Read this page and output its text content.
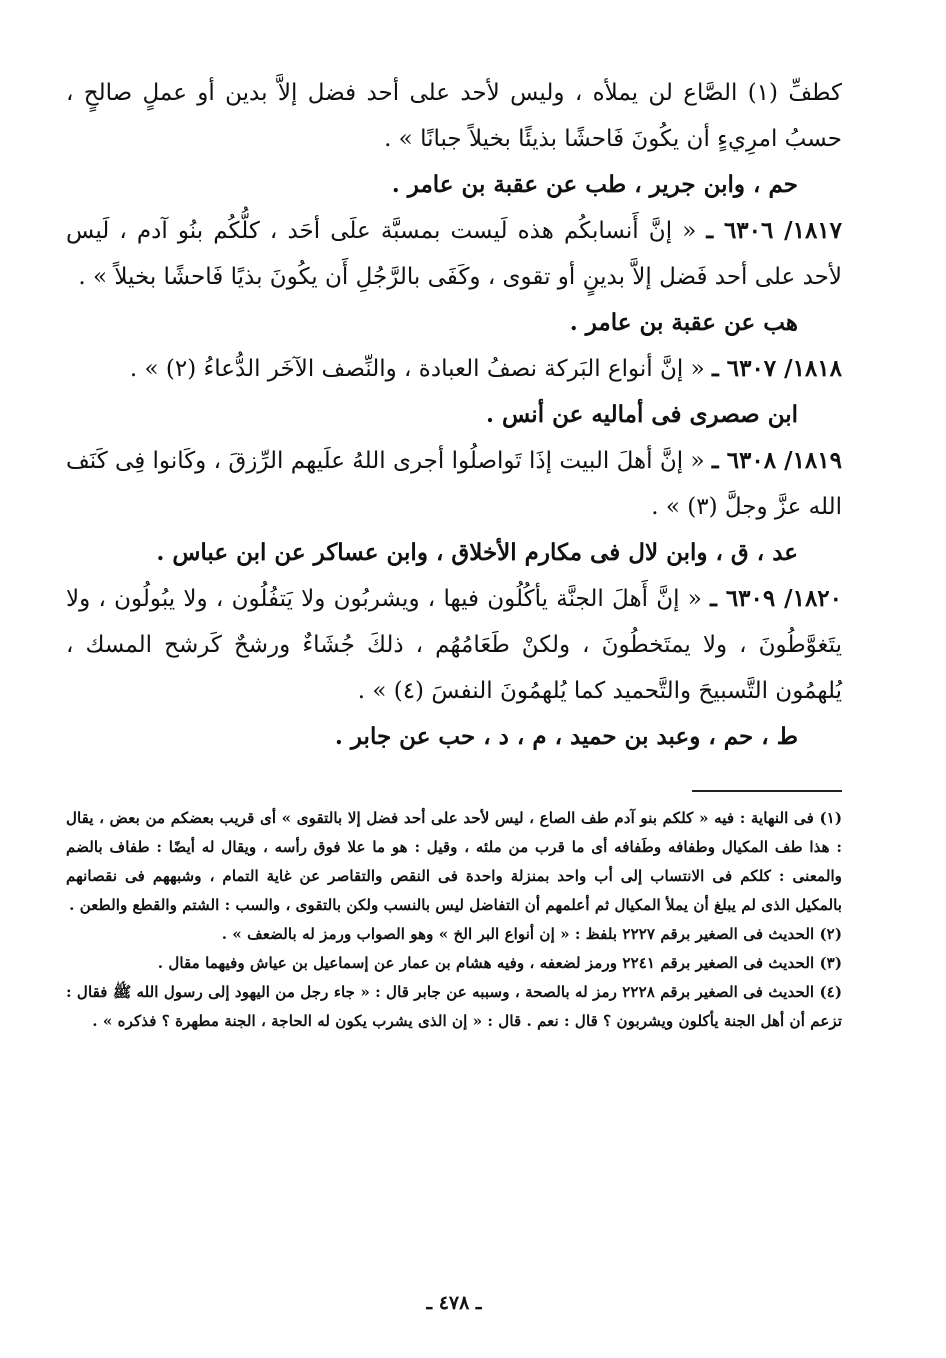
كطفِّ (١) الصَّاع لن يملأه ، وليس لأحد على أحد فضل إلاَّ بدين أو عملٍ صالحٍ ، حسبُ امرِيءٍ أن يكُونَ فَاحشًا بذيئًا بخيلاً جبانًا » .

حم ، وابن جرير ، طب عن عقبة بن عامر .

١٨١٧/ ٦٣٠٦ ـ « إنَّ أَنسابكُم هذه لَيست بمسبَّة علَى أحَد ، كلُّكُم بنُو آدم ، لَيس لأحد على أحد فَضل إلاَّ بدينٍ أو تقوى ، وكَفَى بالرَّجُلِ أَن يكُونَ بذيًا فَاحشًا بخيلاً » .

هب عن عقبة بن عامر .

١٨١٨/ ٦٣٠٧ ـ « إنَّ أنواع البَركة نصفُ العبادة ، والنِّصف الآخَر الدُّعاءُ (٢) » .

ابن صصرى فى أماليه عن أنس .

١٨١٩/ ٦٣٠٨ ـ « إنَّ أهلَ البيت إذَا تَواصلُوا أجرى اللهُ علَيهم الرِّزقَ ، وكَانوا فِى كَنَف الله عزَّ وجلَّ (٣) » .

عد ، ق ، وابن لال فى مكارم الأخلاق ، وابن عساكر عن ابن عباس .

١٨٢٠/ ٦٣٠٩ ـ « إنَّ أَهلَ الجنَّة يأكُلُون فيها ، ويشربُون ولا يَتفُلُون ، ولا يبُولُون ، ولا يتَغوَّطُونَ ، ولا يمتَخطُونَ ، ولكنْ طَعَامُهُم ، ذلكَ جُشَاءٌ ورشحٌ كَرشح المسك ، يُلهمُون التَّسبيحَ والتَّحميد كما يُلهمُونَ النفسَ (٤) » .

ط ، حم ، وعبد بن حميد ، م ، د ، حب عن جابر .

(١) فى النهاية : فيه « كلكم بنو آدم طف الصاع ، ليس لأحد على أحد فضل إلا بالتقوى » أى قريب بعضكم من بعض ، يقال : هذا طف المكيال وطفافه وطَفافه أى ما قرب من ملئه ، وقيل : هو ما علا فوق رأسه ، ويقال له أيضًا : طفاف بالضم والمعنى : كلكم فى الانتساب إلى أب واحد بمنزلة واحدة فى النقص والتقاصر عن غاية التمام ، وشبههم فى نقصانهم بالمكيل الذى لم يبلغ أن يملأ المكيال ثم أعلمهم أن التفاضل ليس بالنسب ولكن بالتقوى ، والسب : الشتم والقطع والطعن .

(٢) الحديث فى الصغير برقم ٢٢٢٧ بلفظ : « إن أنواع البر الخ » وهو الصواب ورمز له بالضعف » .

(٣) الحديث فى الصغير برقم ٢٢٤١ ورمز لضعفه ، وفيه هشام بن عمار عن إسماعيل بن عياش وفيهما مقال .

(٤) الحديث فى الصغير برقم ٢٢٢٨ رمز له بالصحة ، وسببه عن جابر قال : « جاء رجل من اليهود إلى رسول الله ﷺ فقال : تزعم أن أهل الجنة يأكلون ويشربون ؟ قال : نعم . قال : « إن الذى يشرب يكون له الحاجة ، الجنة مطهرة ؟ فذكره » .

ـ ٤٧٨ ـ
